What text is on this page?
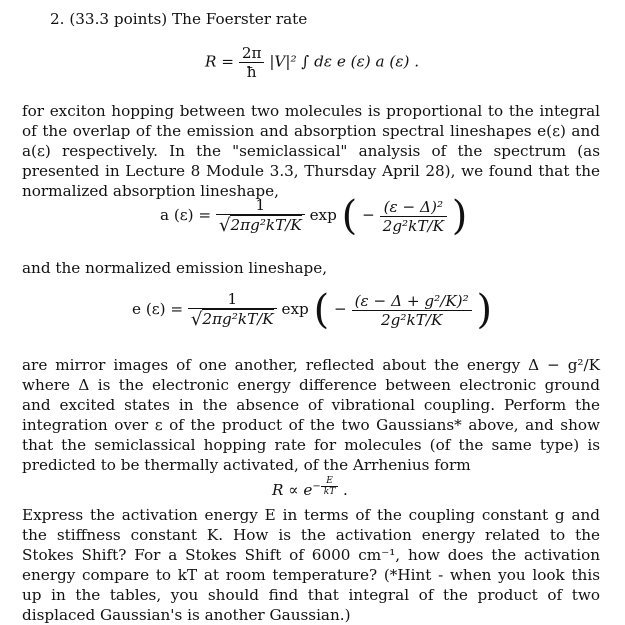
2. (33.3 points) The Foerster rate
$R = \frac{2\pi}{ħ} |V|^2$ ∫ dε e (ε) a (ε) .
for exciton hopping between two molecules is proportional to the integral of the overlap of the emission and absorption spectral lineshapes e(ε) and a(ε) respectively. In the "semiclassical" analysis of the spectrum (as presented in Lecture 8 Module 3.3, Thursday April 28), we found that the normalized absorption lineshape,
a $(\varepsilon) = \frac{1}{\text{√2πg²kT/K}}$ exp ( − $\frac{\text{(ε − Δ)²}}{\text{2g²kT/K}}$ )
and the normalized emission lineshape,
e $(\varepsilon) = \frac{1}{\text{√2πg²kT/K}}$ exp ( − $\frac{\text{(ε − Δ + g²/K)²}}{\text{2g²kT/K}}$ )
are mirror images of one another, reflected about the energy Δ − g²/K where Δ is the electronic energy difference between electronic ground and excited states in the absence of vibrational coupling. Perform the integration over ε of the product of the two Gaussians* above, and show that the semiclassical hopping rate for molecules (of the same type) is predicted to be thermally activated, of the Arrhenius form
$R \propto e^{- \frac{E}{kT}}$ .
Express the activation energy E in terms of the coupling constant g and the stiffness constant K. How is the activation energy related to the Stokes Shift? For a Stokes Shift of 6000 cm⁻¹, how does the activation energy compare to kT at room temperature? (*Hint - when you look this up in the tables, you should find that integral of the product of two displaced Gaussian's is another Gaussian.)
